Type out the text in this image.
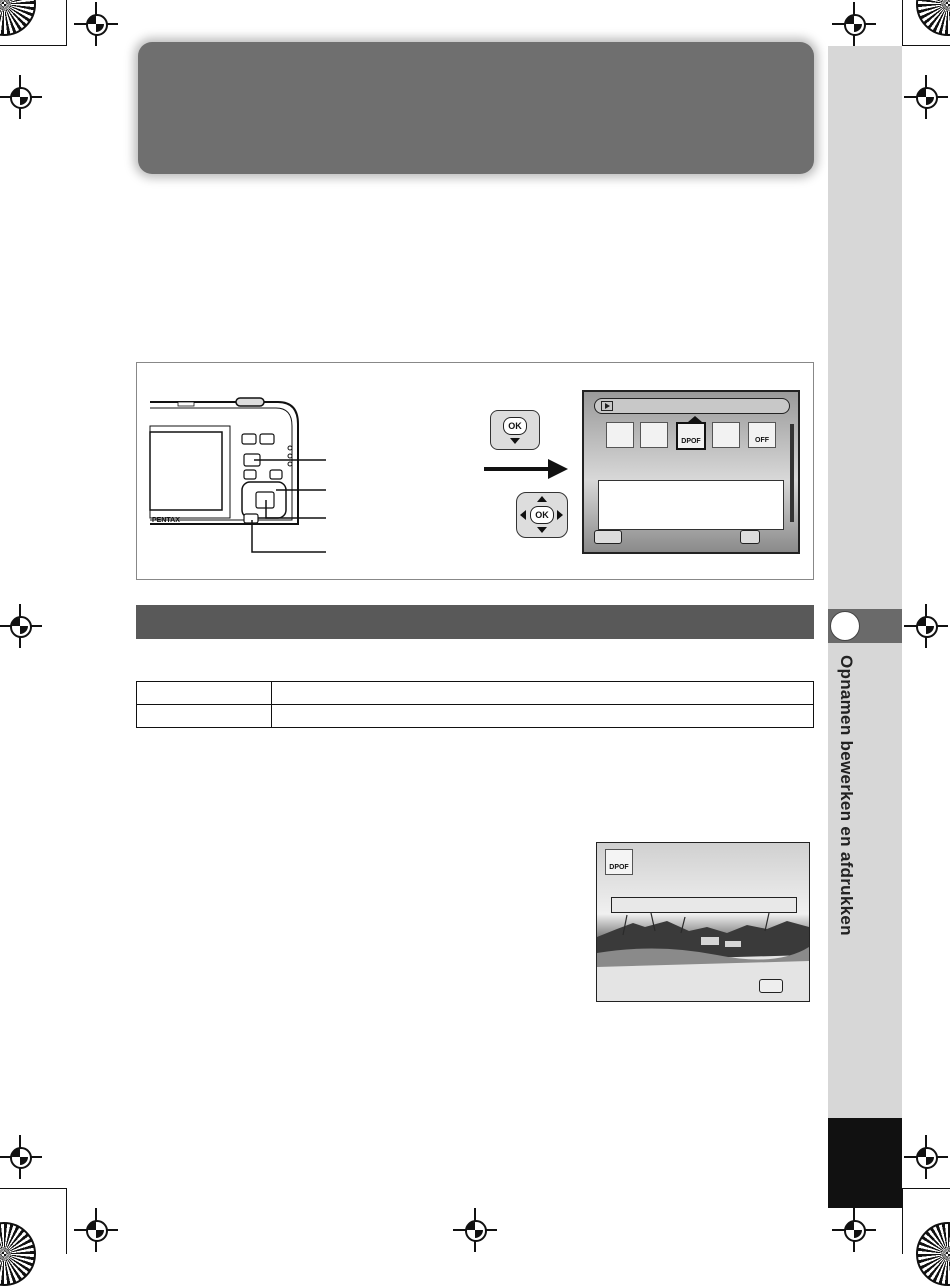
Opnamen bewerken en afdrukken
PENTAX
OK
OK
DPOF	OFF

DPOF
